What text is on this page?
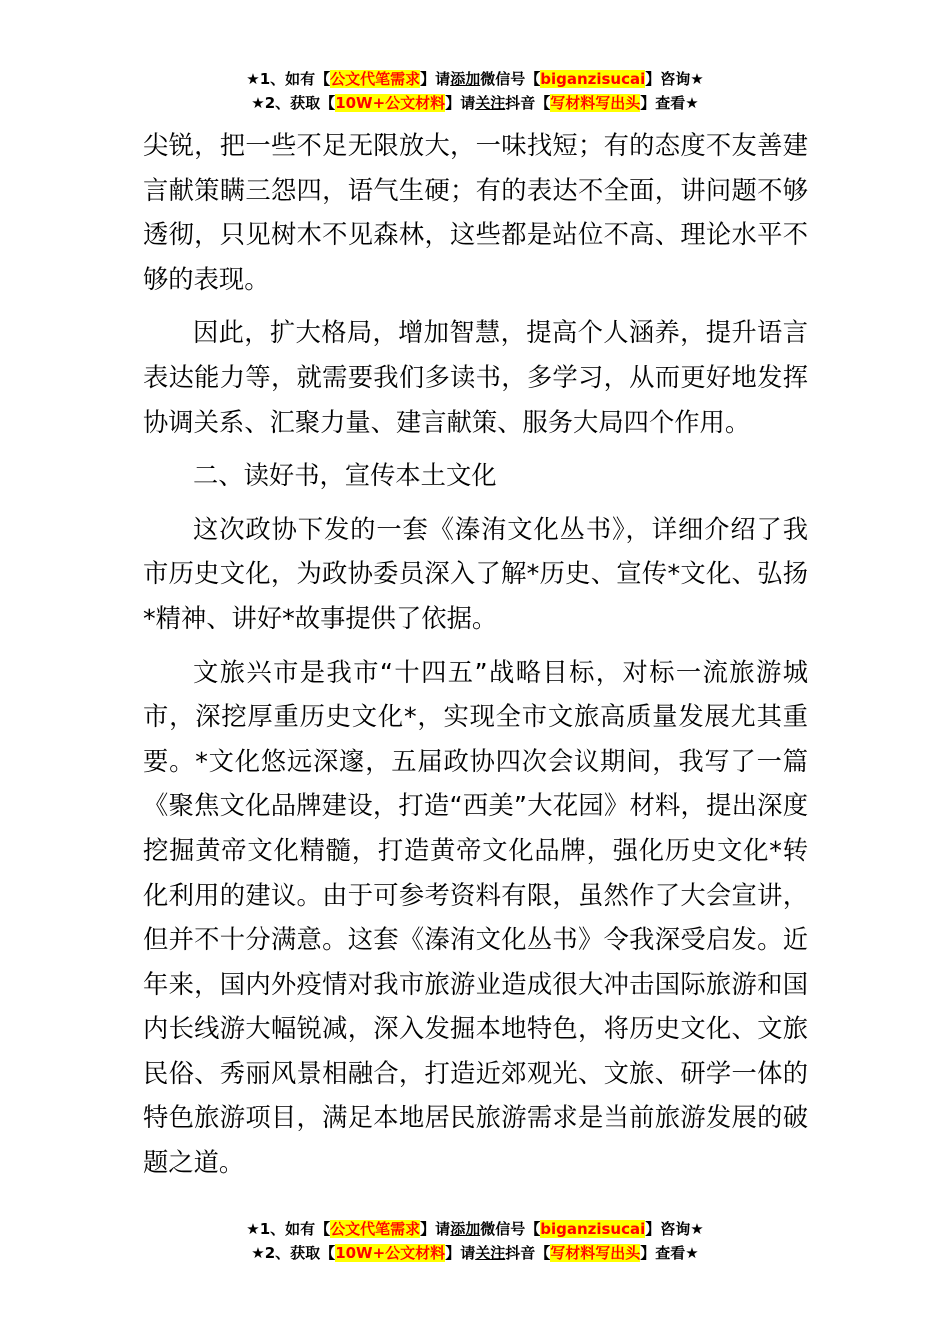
★1、如有【公文代笔需求】请添加微信号【biganzisucai】咨询★
★2、获取【10W+公文材料】请关注抖音【写材料写出头】查看★

尖锐，把一些不足无限放大，一味找短；有的态度不友善建言献策瞒三怨四，语气生硬；有的表达不全面，讲问题不够透彻，只见树木不见森林，这些都是站位不高、理论水平不够的表现。

因此，扩大格局，增加智慧，提高个人涵养，提升语言表达能力等，就需要我们多读书，多学习，从而更好地发挥协调关系、汇聚力量、建言献策、服务大局四个作用。

二、读好书，宣传本土文化

这次政协下发的一套《溱洧文化丛书》，详细介绍了我市历史文化，为政协委员深入了解*历史、宣传*文化、弘扬*精神、讲好*故事提供了依据。

文旅兴市是我市“十四五”战略目标，对标一流旅游城市，深挖厚重历史文化*，实现全市文旅高质量发展尤其重要。*文化悠远深邃，五届政协四次会议期间，我写了一篇《聚焦文化品牌建设，打造“西美”大花园》材料，提出深度挖掘黄帝文化精髓，打造黄帝文化品牌，强化历史文化*转化利用的建议。由于可参考资料有限，虽然作了大会宣讲，但并不十分满意。这套《溱洧文化丛书》令我深受启发。近年来，国内外疫情对我市旅游业造成很大冲击国际旅游和国内长线游大幅锐减，深入发掘本地特色，将历史文化、文旅民俗、秀丽风景相融合，打造近郊观光、文旅、研学一体的特色旅游项目，满足本地居民旅游需求是当前旅游发展的破题之道。

★1、如有【公文代笔需求】请添加微信号【biganzisucai】咨询★
★2、获取【10W+公文材料】请关注抖音【写材料写出头】查看★
